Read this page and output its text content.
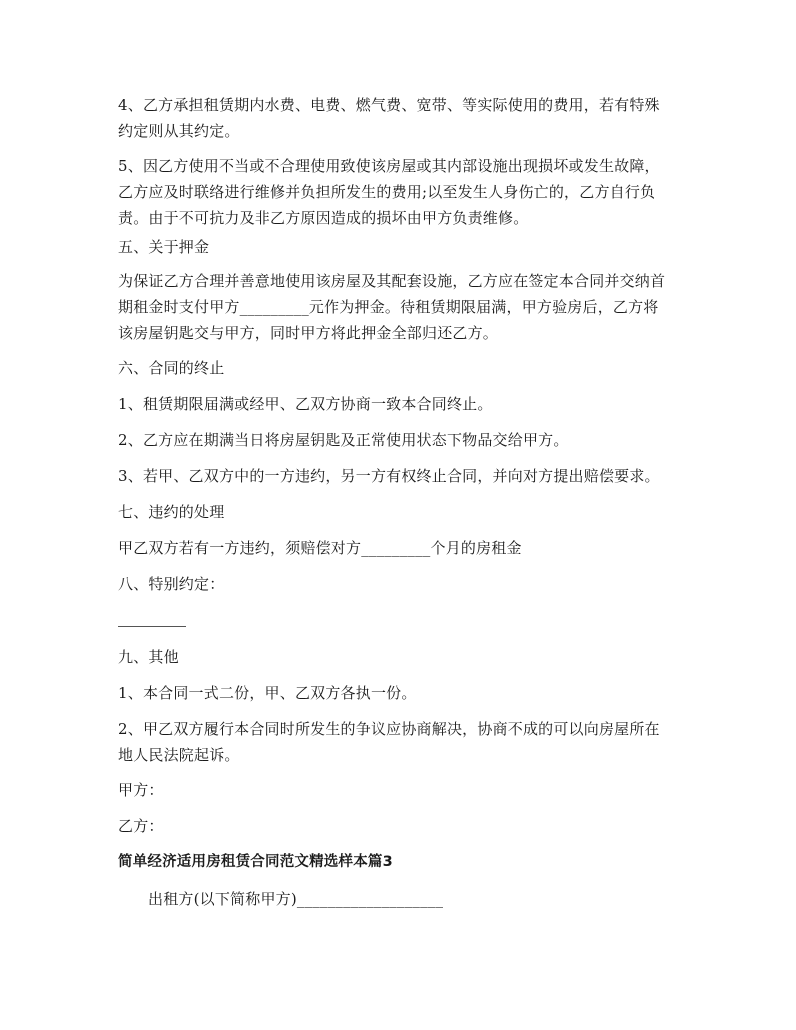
4、乙方承担租赁期内水费、电费、燃气费、宽带、等实际使用的费用，若有特殊
约定则从其约定。

5、因乙方使用不当或不合理使用致使该房屋或其内部设施出现损坏或发生故障，
乙方应及时联络进行维修并负担所发生的费用;以至发生人身伤亡的，乙方自行负
责。由于不可抗力及非乙方原因造成的损坏由甲方负责维修。

五、关于押金

为保证乙方合理并善意地使用该房屋及其配套设施，乙方应在签定本合同并交纳首
期租金时支付甲方_________元作为押金。待租赁期限届满，甲方验房后，乙方将
该房屋钥匙交与甲方，同时甲方将此押金全部归还乙方。

六、合同的终止

1、租赁期限届满或经甲、乙双方协商一致本合同终止。

2、乙方应在期满当日将房屋钥匙及正常使用状态下物品交给甲方。

3、若甲、乙双方中的一方违约，另一方有权终止合同，并向对方提出赔偿要求。

七、违约的处理

甲乙双方若有一方违约，须赔偿对方_________个月的房租金

八、特别约定：

九、其他

1、本合同一式二份，甲、乙双方各执一份。

2、甲乙双方履行本合同时所发生的争议应协商解决，协商不成的可以向房屋所在
地人民法院起诉。

甲方：

乙方：

简单经济适用房租赁合同范文精选样本篇3

出租方(以下简称甲方)___________________
